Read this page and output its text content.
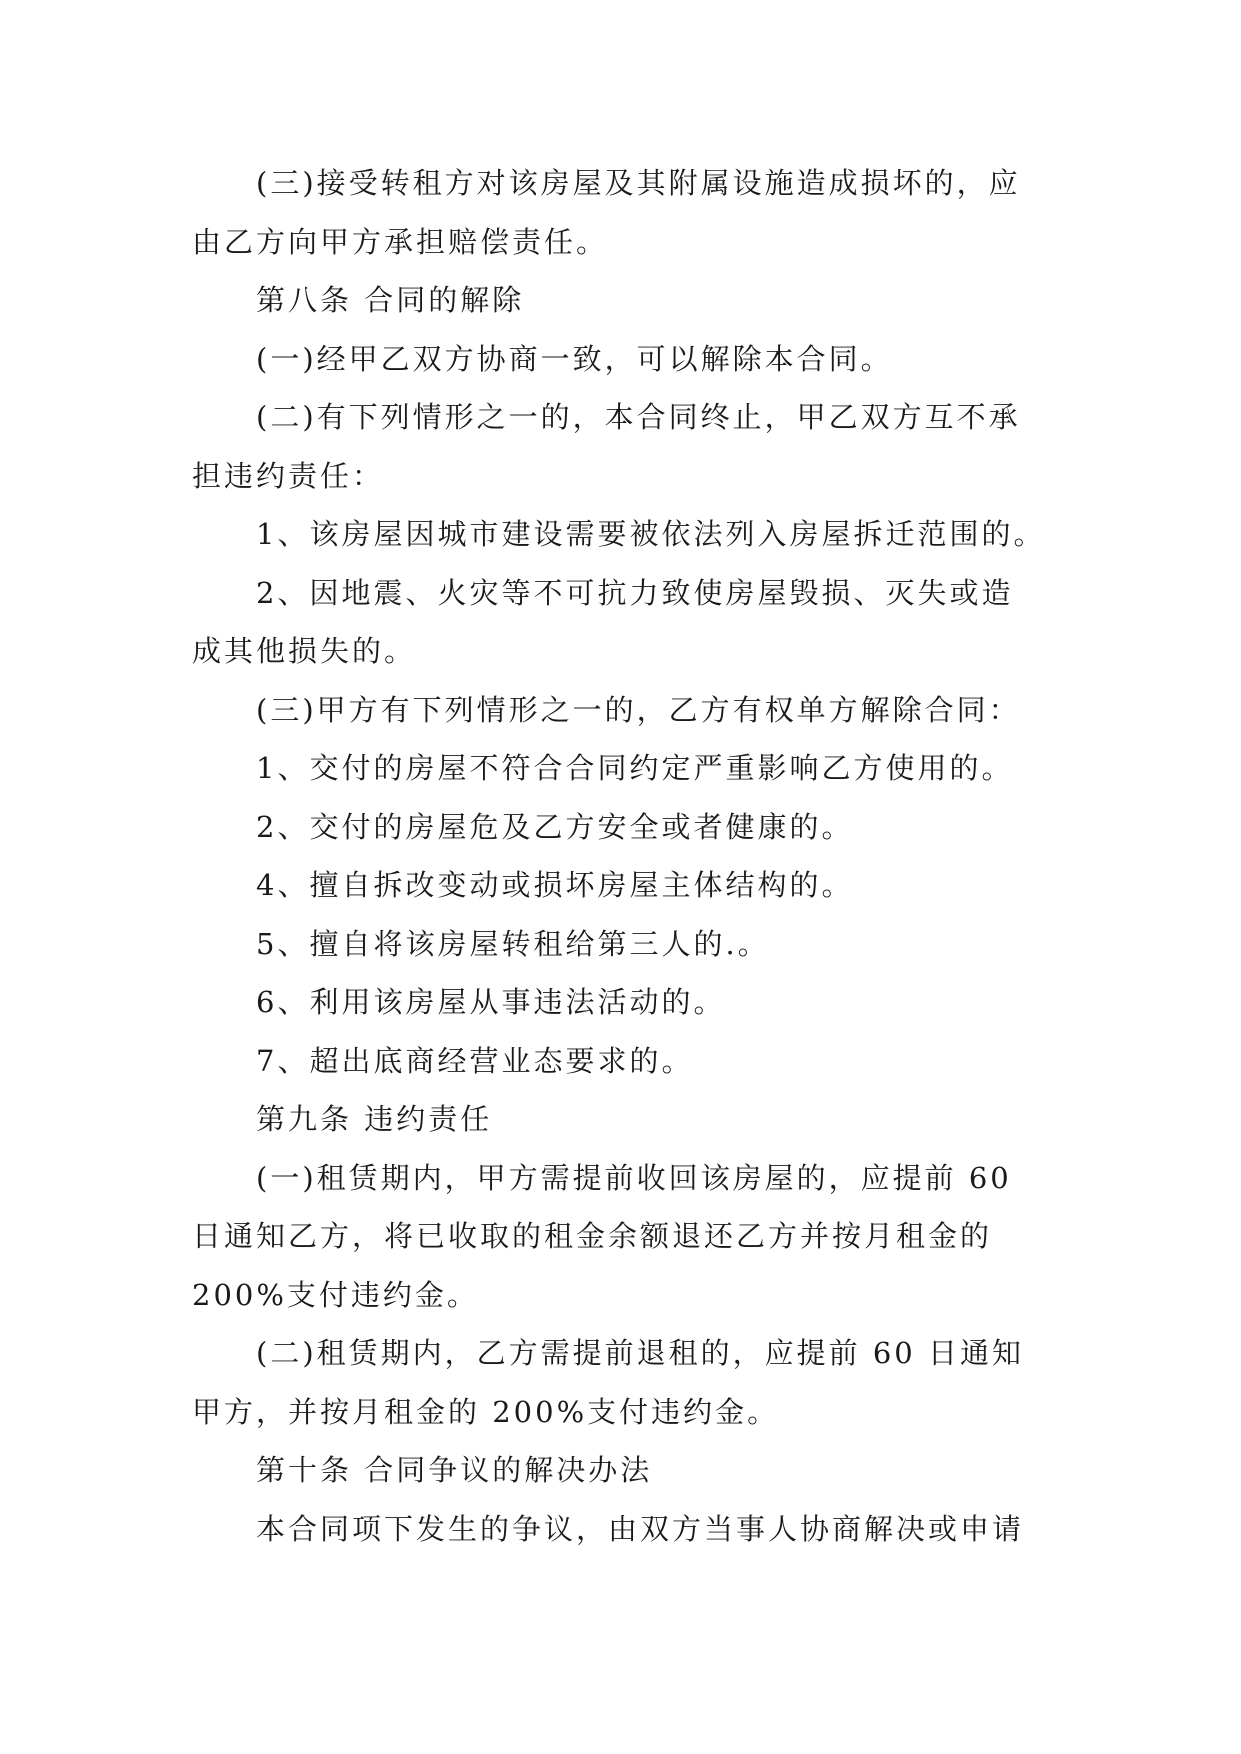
(三)接受转租方对该房屋及其附属设施造成损坏的，应
由乙方向甲方承担赔偿责任。
第八条 合同的解除
(一)经甲乙双方协商一致，可以解除本合同。
(二)有下列情形之一的，本合同终止，甲乙双方互不承
担违约责任：
1、该房屋因城市建设需要被依法列入房屋拆迁范围的。
2、因地震、火灾等不可抗力致使房屋毁损、灭失或造
成其他损失的。
(三)甲方有下列情形之一的，乙方有权单方解除合同：
1、交付的房屋不符合合同约定严重影响乙方使用的。
2、交付的房屋危及乙方安全或者健康的。
4、擅自拆改变动或损坏房屋主体结构的。
5、擅自将该房屋转租给第三人的.。
6、利用该房屋从事违法活动的。
7、超出底商经营业态要求的。
第九条 违约责任
(一)租赁期内，甲方需提前收回该房屋的，应提前 60
日通知乙方，将已收取的租金余额退还乙方并按月租金的
200%支付违约金。
(二)租赁期内，乙方需提前退租的，应提前 60 日通知
甲方，并按月租金的 200%支付违约金。
第十条 合同争议的解决办法
本合同项下发生的争议，由双方当事人协商解决或申请
